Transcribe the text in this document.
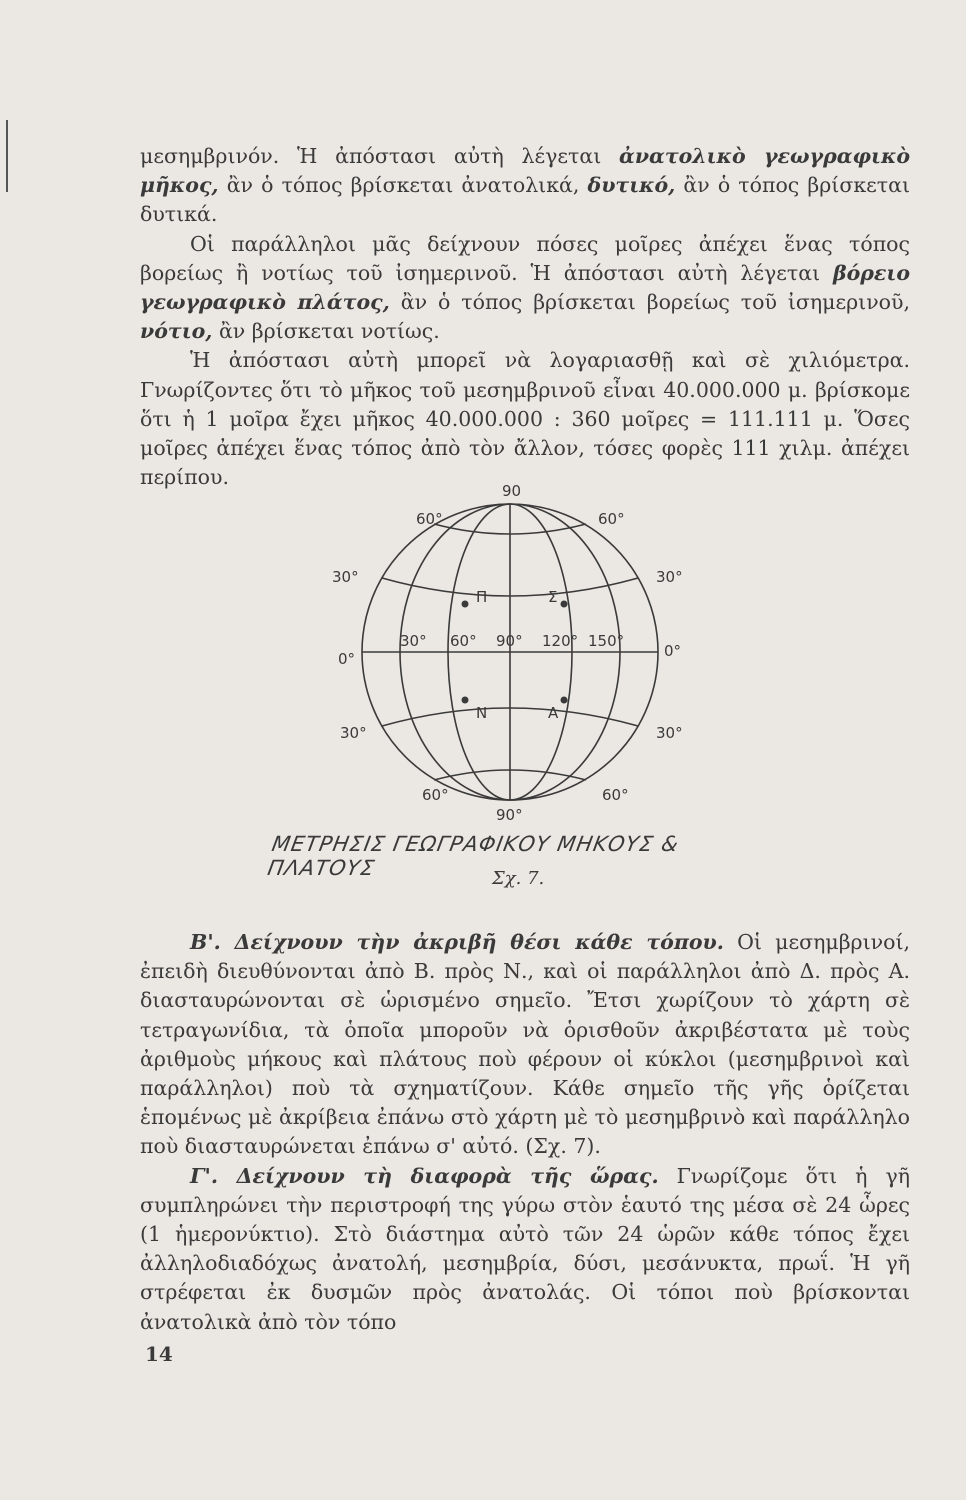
μεσημβρινόν. Ἡ ἀπόστασι αὐτὴ λέγεται ἀνατολικὸ γεωγραφικὸ μῆκος, ἂν ὁ τόπος βρίσκεται ἀνατολικά, δυτικό, ἂν ὁ τόπος βρίσκεται δυτικά.

Οἱ παράλληλοι μᾶς δείχνουν πόσες μοῖρες ἀπέχει ἕνας τόπος βορείως ἢ νοτίως τοῦ ἰσημερινοῦ. Ἡ ἀπόστασι αὐτὴ λέγεται βόρειο γεωγραφικὸ πλάτος, ἂν ὁ τόπος βρίσκεται βορείως τοῦ ἰσημερινοῦ, νότιο, ἂν βρίσκεται νοτίως.

Ἡ ἀπόστασι αὐτὴ μπορεῖ νὰ λογαριασθῇ καὶ σὲ χιλιόμετρα. Γνωρίζοντες ὅτι τὸ μῆκος τοῦ μεσημβρινοῦ εἶναι 40.000.000 μ. βρίσκομε ὅτι ἡ 1 μοῖρα ἔχει μῆκος 40.000.000 : 360 μοῖρες = 111.111 μ. Ὅσες μοῖρες ἀπέχει ἕνας τόπος ἀπὸ τὸν ἄλλον, τόσες φορὲς 111 χιλμ. ἀπέχει περίπου.

90
60°	60°
30°	30°
0°	0°
30°	30°
60°	60°
90°
30° 60° 90° 120° 150°
Π	Σ
Ν	Α
ΜΕΤΡΗΣΙΣ ΓΕΩΓΡΑΦΙΚΟΥ ΜΗΚΟΥΣ & ΠΛΑΤΟΥΣ	Σχ. 7.

Β'. Δείχνουν τὴν ἀκριβῆ θέσι κάθε τόπου. Οἱ μεσημβρινοί, ἐπειδὴ διευθύνονται ἀπὸ Β. πρὸς Ν., καὶ οἱ παράλληλοι ἀπὸ Δ. πρὸς Α. διασταυρώνονται σὲ ὡρισμένο σημεῖο. Ἔτσι χωρίζουν τὸ χάρτη σὲ τετραγωνίδια, τὰ ὁποῖα μποροῦν νὰ ὁρισθοῦν ἀκριβέστατα μὲ τοὺς ἀριθμοὺς μήκους καὶ πλάτους ποὺ φέρουν οἱ κύκλοι (μεσημβρινοὶ καὶ παράλληλοι) ποὺ τὰ σχηματίζουν. Κάθε σημεῖο τῆς γῆς ὁρίζεται ἑπομένως μὲ ἀκρίβεια ἐπάνω στὸ χάρτη μὲ τὸ μεσημβρινὸ καὶ παράλληλο ποὺ διασταυρώνεται ἐπάνω σ' αὐτό. (Σχ. 7).

Γ'. Δείχνουν τὴ διαφορὰ τῆς ὥρας. Γνωρίζομε ὅτι ἡ γῆ συμπληρώνει τὴν περιστροφή της γύρω στὸν ἑαυτό της μέσα σὲ 24 ὧρες (1 ἡμερονύκτιο). Στὸ διάστημα αὐτὸ τῶν 24 ὡρῶν κάθε τόπος ἔχει ἀλληλοδιαδόχως ἀνατολή, μεσημβρία, δύσι, μεσάνυκτα, πρωΐ. Ἡ γῆ στρέφεται ἐκ δυσμῶν πρὸς ἀνατολάς. Οἱ τόποι ποὺ βρίσκονται ἀνατολικὰ ἀπὸ τὸν τόπο

14
